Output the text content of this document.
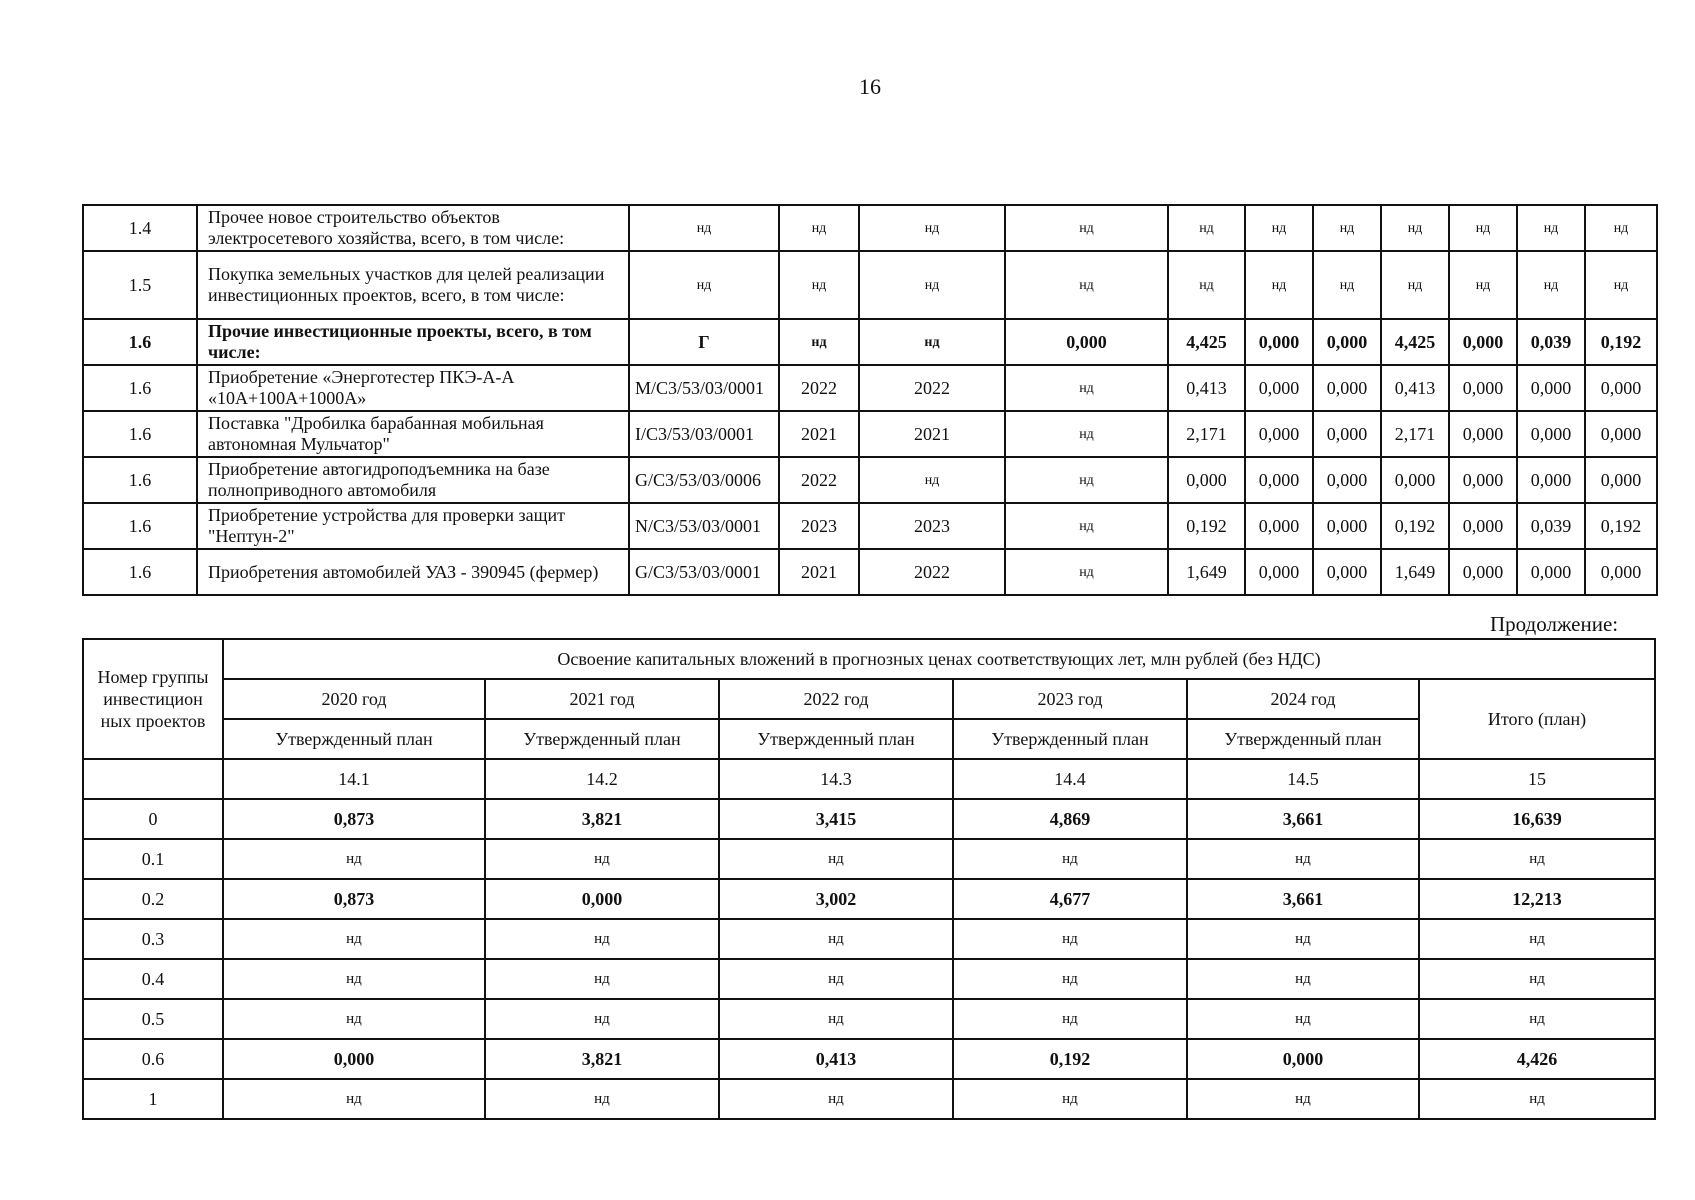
16
1.4	Прочее новое строительство объектов электросетевого хозяйства, всего, в том числе:	нд	нд	нд	нд	нд	нд	нд	нд	нд	нд	нд
1.5	Покупка земельных участков для целей реализации инвестиционных проектов, всего, в том числе:	нд	нд	нд	нд	нд	нд	нд	нд	нд	нд	нд
1.6	Прочие инвестиционные проекты, всего, в том числе:	Г	нд	нд	0,000	4,425	0,000	0,000	4,425	0,000	0,039	0,192
1.6	Приобретение «Энерготестер ПКЭ-А-А «10А+100А+1000А»	M/C3/53/03/0001	2022	2022	нд	0,413	0,000	0,000	0,413	0,000	0,000	0,000
1.6	Поставка "Дробилка барабанная мобильная автономная Мульчатор"	I/C3/53/03/0001	2021	2021	нд	2,171	0,000	0,000	2,171	0,000	0,000	0,000
1.6	Приобретение автогидроподъемника на базе полноприводного автомобиля	G/C3/53/03/0006	2022	нд	нд	0,000	0,000	0,000	0,000	0,000	0,000	0,000
1.6	Приобретение устройства для проверки защит "Нептун-2"	N/C3/53/03/0001	2023	2023	нд	0,192	0,000	0,000	0,192	0,000	0,039	0,192
1.6	Приобретения автомобилей УАЗ - 390945 (фермер)	G/C3/53/03/0001	2021	2022	нд	1,649	0,000	0,000	1,649	0,000	0,000	0,000
Продолжение:
Номер группы инвестицион ных проектов	Освоение капитальных вложений в прогнозных ценах соответствующих лет, млн рублей (без НДС)					
	2020 год	2021 год	2022 год	2023 год	2024 год	Итого (план)
	Утвержденный план	Утвержденный план	Утвержденный план	Утвержденный план	Утвержденный план	
	14.1	14.2	14.3	14.4	14.5	15
0	0,873	3,821	3,415	4,869	3,661	16,639
0.1	нд	нд	нд	нд	нд	нд
0.2	0,873	0,000	3,002	4,677	3,661	12,213
0.3	нд	нд	нд	нд	нд	нд
0.4	нд	нд	нд	нд	нд	нд
0.5	нд	нд	нд	нд	нд	нд
0.6	0,000	3,821	0,413	0,192	0,000	4,426
1	нд	нд	нд	нд	нд	нд
